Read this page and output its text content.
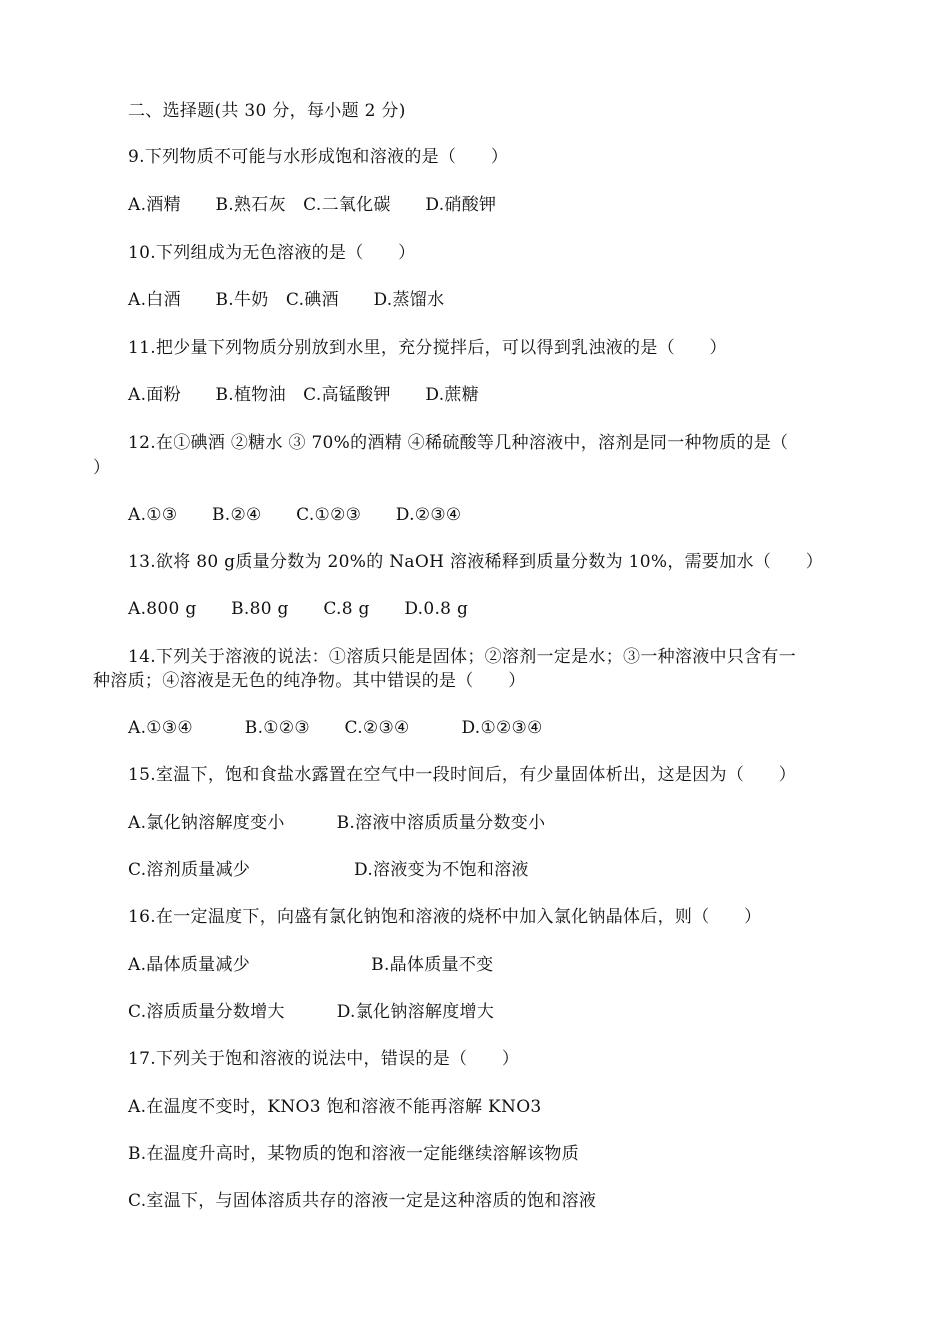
二、选择题(共 30 分，每小题 2 分)
9.下列物质不可能与水形成饱和溶液的是（　　）
A.酒精　　B.熟石灰　C.二氧化碳　　D.硝酸钾
10.下列组成为无色溶液的是（　　）
A.白酒　　B.牛奶　C.碘酒　　D.蒸馏水
11.把少量下列物质分别放到水里，充分搅拌后，可以得到乳浊液的是（　　）
A.面粉　　B.植物油　C.高锰酸钾　　D.蔗糖
12.在①碘酒 ②糖水 ③ 70%的酒精 ④稀硫酸等几种溶液中，溶剂是同一种物质的是（
）
A.①③　　B.②④　　C.①②③　　D.②③④
13.欲将 80 g质量分数为 20%的 NaOH 溶液稀释到质量分数为 10%，需要加水（　　）
A.800 g　　B.80 g　　C.8 g　　D.0.8 g
14.下列关于溶液的说法：①溶质只能是固体；②溶剂一定是水；③一种溶液中只含有一
种溶质；④溶液是无色的纯净物。其中错误的是（　　）
A.①③④　　　B.①②③　　C.②③④　　　D.①②③④
15.室温下，饱和食盐水露置在空气中一段时间后，有少量固体析出，这是因为（　　）
A.氯化钠溶解度变小　　　B.溶液中溶质质量分数变小
C.溶剂质量减少　　　　　　D.溶液变为不饱和溶液
16.在一定温度下，向盛有氯化钠饱和溶液的烧杯中加入氯化钠晶体后，则（　　）
A.晶体质量减少　　　　　　　B.晶体质量不变
C.溶质质量分数增大　　　D.氯化钠溶解度增大
17.下列关于饱和溶液的说法中，错误的是（　　）
A.在温度不变时，KNO3 饱和溶液不能再溶解 KNO3
B.在温度升高时，某物质的饱和溶液一定能继续溶解该物质
C.室温下，与固体溶质共存的溶液一定是这种溶质的饱和溶液
